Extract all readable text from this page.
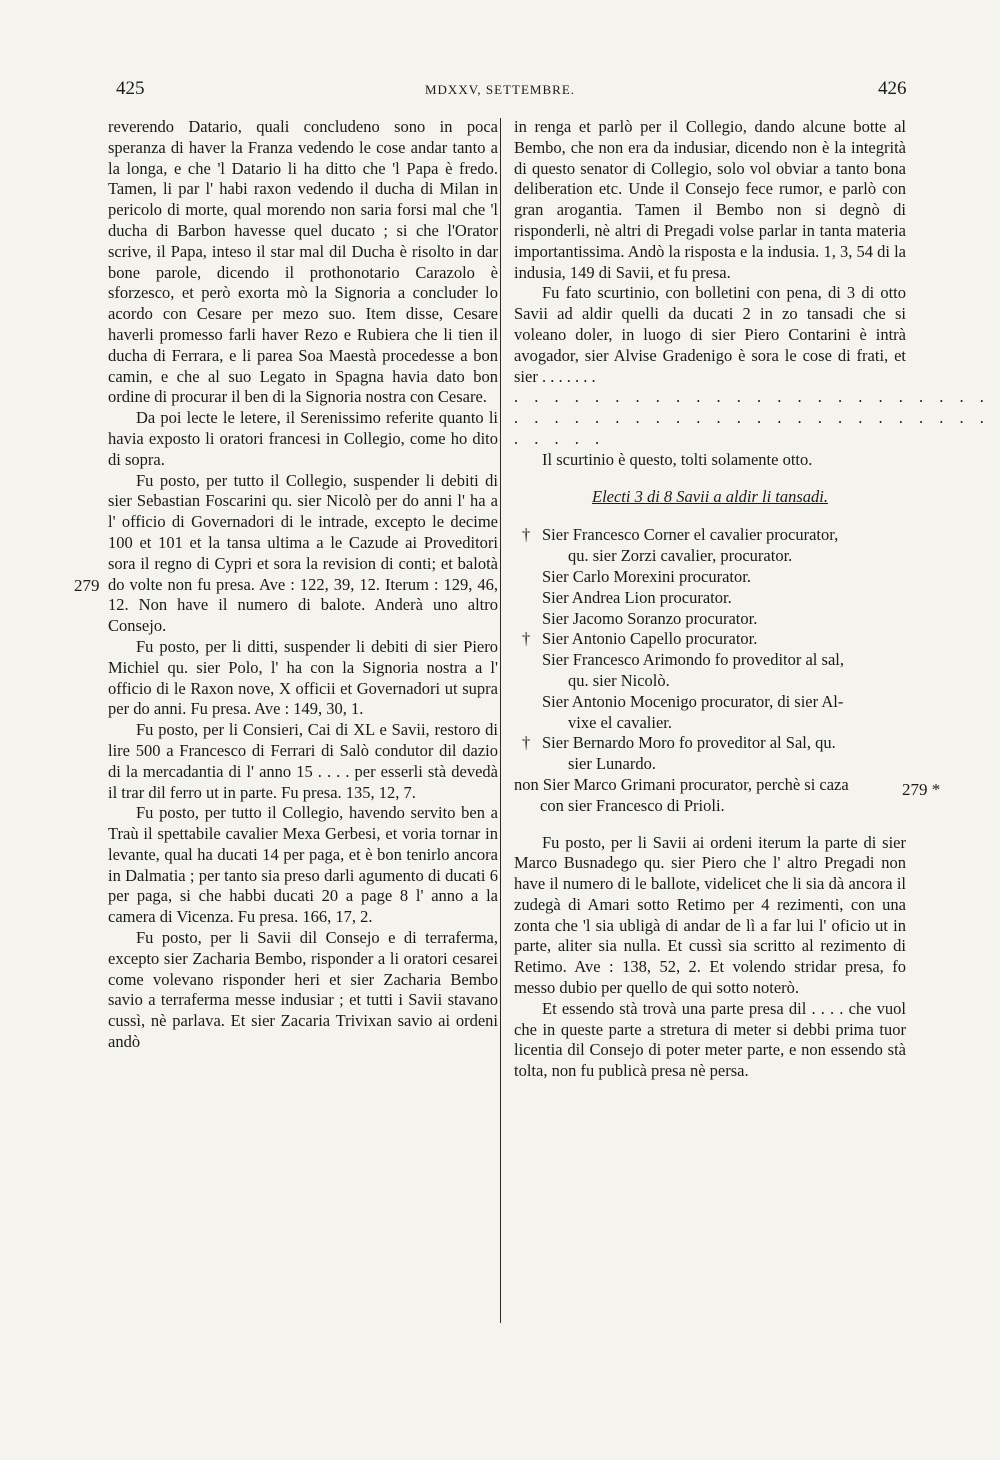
425	MDXXV, SETTEMBRE.	426
279
279 *

reverendo Datario, quali concludeno sono in poca speranza di haver la Franza vedendo le cose andar tanto a la longa, e che 'l Datario li ha ditto che 'l Papa è fredo. Tamen, li par l' habi raxon vedendo il ducha di Milan in pericolo di morte, qual morendo non saria forsi mal che 'l ducha di Barbon havesse quel ducato ; si che l'Orator scrive, il Papa, inteso il star mal dil Ducha è risolto in dar bone parole, dicendo il prothonotario Carazolo è sforzesco, et però exorta mò la Signoria a concluder lo acordo con Cesare per mezo suo. Item disse, Cesare haverli promesso farli haver Rezo e Rubiera che li tien il ducha di Ferrara, e li parea Soa Maestà procedesse a bon camin, e che al suo Legato in Spagna havia dato bon ordine di procurar il ben di la Signoria nostra con Cesare.

Da poi lecte le letere, il Serenissimo referite quanto li havia exposto li oratori francesi in Collegio, come ho dito di sopra.

Fu posto, per tutto il Collegio, suspender li debiti di sier Sebastian Foscarini qu. sier Nicolò per do anni l' ha a l' officio di Governadori di le intrade, excepto le decime 100 et 101 et la tansa ultima a le Cazude ai Proveditori sora il regno di Cypri et sora la revision di conti; et balotà do volte non fu presa. Ave : 122, 39, 12. Iterum : 129, 46, 12. Non have il numero di balote. Anderà uno altro Consejo.

Fu posto, per li ditti, suspender li debiti di sier Piero Michiel qu. sier Polo, l' ha con la Signoria nostra a l' officio di le Raxon nove, X officii et Governadori ut supra per do anni. Fu presa. Ave : 149, 30, 1.

Fu posto, per li Consieri, Cai di XL e Savii, restoro di lire 500 a Francesco di Ferrari di Salò condutor dil dazio di la mercadantia di l' anno 15 . . . . per esserli stà devedà il trar dil ferro ut in parte. Fu presa. 135, 12, 7.

Fu posto, per tutto il Collegio, havendo servito ben a Traù il spettabile cavalier Mexa Gerbesi, et voria tornar in levante, qual ha ducati 14 per paga, et è bon tenirlo ancora in Dalmatia ; per tanto sia preso darli agumento di ducati 6 per paga, si che habbi ducati 20 a page 8 l' anno a la camera di Vicenza. Fu presa. 166, 17, 2.

Fu posto, per li Savii dil Consejo e di terraferma, excepto sier Zacharia Bembo, risponder a li oratori cesarei come volevano risponder heri et sier Zacharia Bembo savio a terraferma messe indusiar ; et tutti i Savii stavano cussì, nè parlava. Et sier Zacaria Trivixan savio ai ordeni andò

in renga et parlò per il Collegio, dando alcune botte al Bembo, che non era da indusiar, dicendo non è la integrità di questo senator di Collegio, solo vol obviar a tanto bona deliberation etc. Unde il Consejo fece rumor, e parlò con gran arogantia. Tamen il Bembo non si degnò di risponderli, nè altri di Pregadi volse parlar in tanta materia importantissima. Andò la risposta e la indusia. 1, 3, 54 di la indusia, 149 di Savii, et fu presa.

Fu fato scurtinio, con bolletini con pena, di 3 di otto Savii ad aldir quelli da ducati 2 in zo tansadi che si voleano doler, in luogo di sier Piero Contarini è intrà avogador, sier Alvise Gradenigo è sora le cose di frati, et sier . . . . . . .

. . . . . . . . . . . . . . . . . . . . . . . .

. . . . . . . . . . . . . . . . . . . . . . . .

. . . . .

Il scurtinio è questo, tolti solamente otto.

Electi 3 di 8 Savii a aldir li tansadi.

† Sier Francesco Corner el cavalier procurator,
qu. sier Zorzi cavalier, procurator.
Sier Carlo Morexini procurator.
Sier Andrea Lion procurator.
Sier Jacomo Soranzo procurator.
† Sier Antonio Capello procurator.
Sier Francesco Arimondo fo proveditor al sal,
qu. sier Nicolò.
Sier Antonio Mocenigo procurator, di sier Al-
vixe el cavalier.
† Sier Bernardo Moro fo proveditor al Sal, qu.
sier Lunardo.
non Sier Marco Grimani procurator, perchè si caza
con sier Francesco di Prioli.

Fu posto, per li Savii ai ordeni iterum la parte di sier Marco Busnadego qu. sier Piero che l' altro Pregadi non have il numero di le ballote, videlicet che li sia dà ancora il zudegà di Amari sotto Retimo per 4 rezimenti, con una zonta che 'l sia ubligà di andar de lì a far lui l' oficio ut in parte, aliter sia nulla. Et cussì sia scritto al rezimento di Retimo. Ave : 138, 52, 2. Et volendo stridar presa, fo messo dubio per quello de qui sotto noterò.

Et essendo stà trovà una parte presa dil . . . . che vuol che in queste parte a stretura di meter si debbi prima tuor licentia dil Consejo di poter meter parte, e non essendo stà tolta, non fu publicà presa nè persa.
